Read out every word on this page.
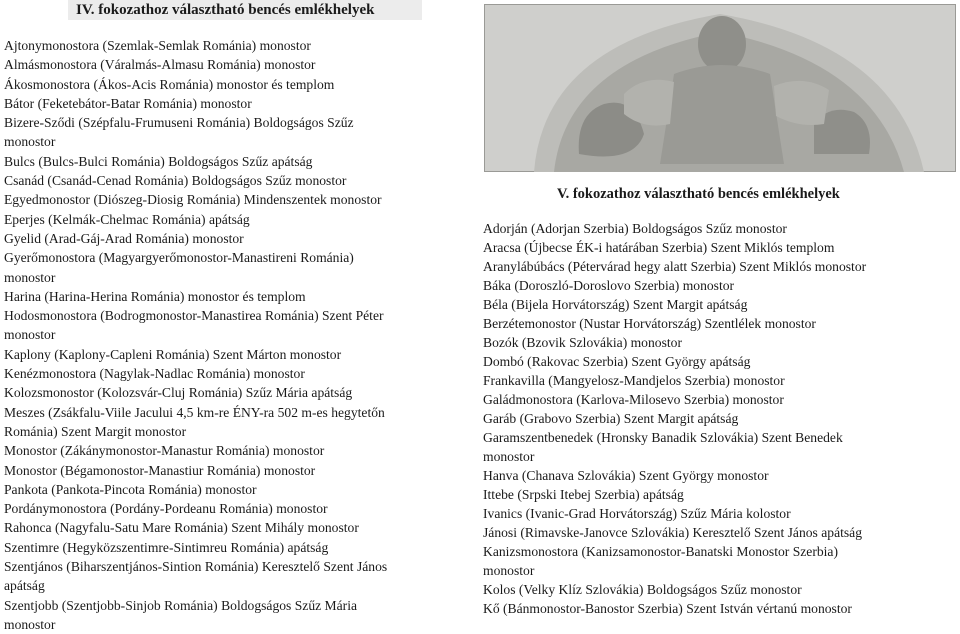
IV. fokozathoz választható bencés emlékhelyek
Ajtonymonostora (Szemlak-Semlak Románia) monostor
Almásmonostora (Váralmás-Almasu Románia) monostor
Ákosmonostora (Ákos-Acis Románia) monostor és templom
Bátor (Feketebátor-Batar Románia) monostor
Bizere-Sződi (Szépfalu-Frumuseni Románia) Boldogságos Szűz
monostor
Bulcs (Bulcs-Bulci Románia) Boldogságos Szűz apátság
Csanád (Csanád-Cenad Románia) Boldogságos Szűz monostor
Egyedmonostor (Diószeg-Diosig Románia) Mindenszentek monostor
Eperjes (Kelmák-Chelmac Románia) apátság
Gyelid (Arad-Gáj-Arad Románia) monostor
Gyerőmonostora (Magyargyerőmonostor-Manastireni Románia)
monostor
Harina (Harina-Herina Románia) monostor és templom
Hodosmonostora (Bodrogmonostor-Manastirea Románia) Szent Péter
monostor
Kaplony (Kaplony-Capleni Románia) Szent Márton monostor
Kenézmonostora (Nagylak-Nadlac Románia) monostor
Kolozsmonostor (Kolozsvár-Cluj Románia) Szűz Mária apátság
Meszes (Zsákfalu-Viile Jacului 4,5 km-re ÉNY-ra 502 m-es hegytetőn
Románia) Szent Margit monostor
Monostor (Zákánymonostor-Manastur Románia) monostor
Monostor (Bégamonostor-Manastiur Románia) monostor
Pankota (Pankota-Pincota Románia) monostor
Pordánymonostora (Pordány-Pordeanu Románia) monostor
Rahonca (Nagyfalu-Satu Mare Románia) Szent Mihály monostor
Szentimre (Hegyközszentimre-Sintimreu Románia) apátság
Szentjános (Biharszentjános-Sintion Románia) Keresztelő Szent János
apátság
Szentjobb (Szentjobb-Sinjob Románia) Boldogságos Szűz Mária
monostor
V. fokozathoz választható bencés emlékhelyek
Adorján (Adorjan Szerbia) Boldogságos Szűz monostor
Aracsa (Újbecse ÉK-i határában Szerbia) Szent Miklós templom
Aranylábúbács (Pétervárad hegy alatt Szerbia) Szent Miklós monostor
Báka (Doroszló-Doroslovo Szerbia) monostor
Béla (Bijela Horvátország) Szent Margit apátság
Berzétemonostor (Nustar Horvátország) Szentlélek monostor
Bozók (Bzovik Szlovákia) monostor
Dombó (Rakovac Szerbia) Szent György apátság
Frankavilla (Mangyelosz-Mandjelos Szerbia) monostor
Galádmonostora (Karlova-Milosevo Szerbia) monostor
Garáb (Grabovo Szerbia) Szent Margit apátság
Garamszentbenedek (Hronsky Banadik Szlovákia) Szent Benedek
monostor
Hanva (Chanava Szlovákia) Szent György monostor
Ittebe (Srpski Itebej Szerbia) apátság
Ivanics (Ivanic-Grad Horvátország) Szűz Mária kolostor
Jánosi (Rimavske-Janovce Szlovákia) Keresztelő Szent János apátság
Kanizsmonostora (Kanizsamonostor-Banatski Monostor Szerbia)
monostor
Kolos (Velky Klíz Szlovákia) Boldogságos Szűz monostor
Kő (Bánmonostor-Banostor Szerbia) Szent István vértanú monostor
